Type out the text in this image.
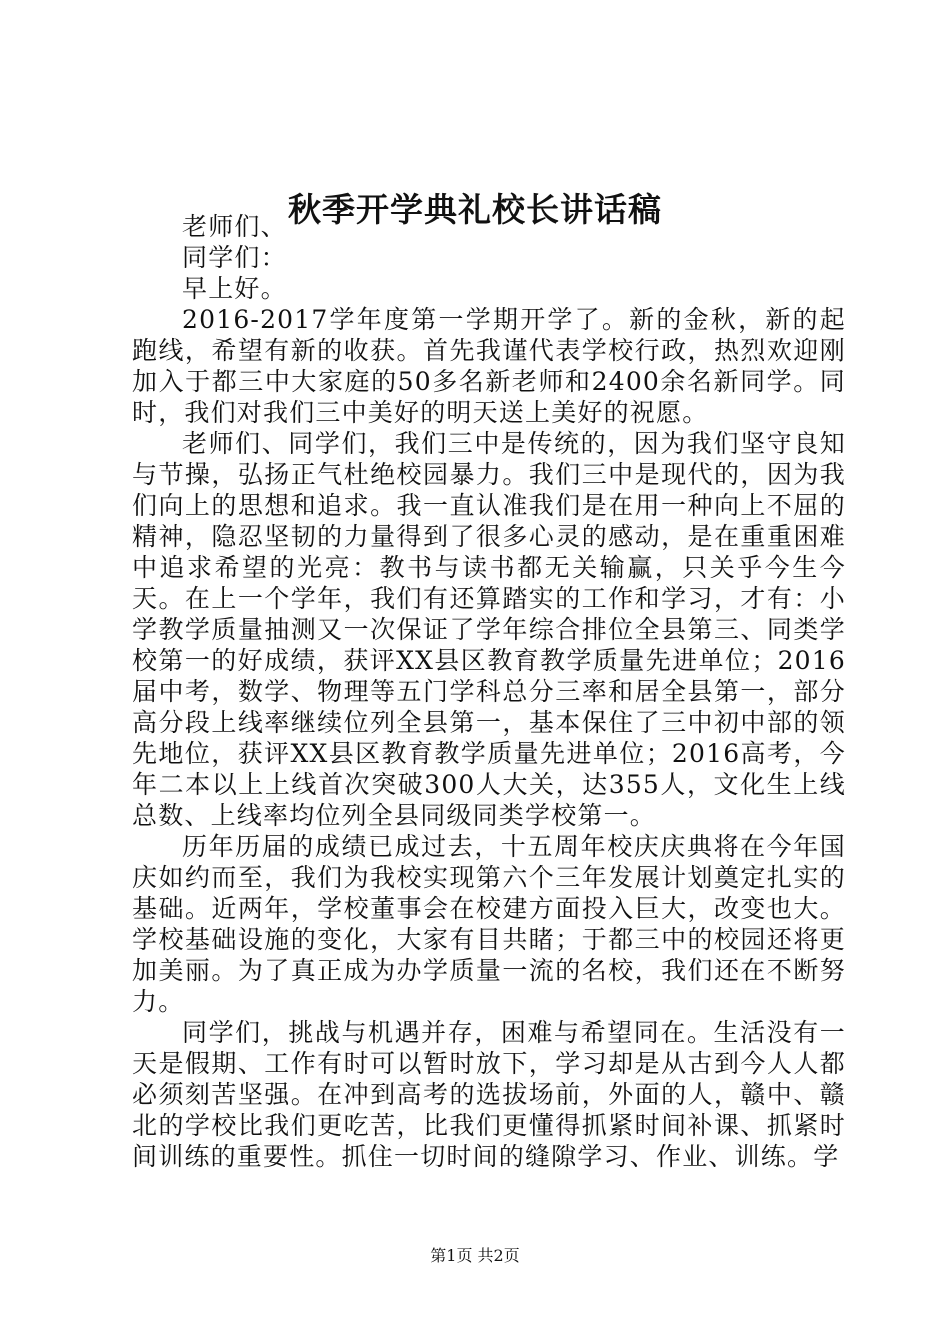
秋季开学典礼校长讲话稿

老师们、

同学们：

早上好。

2016-2017学年度第一学期开学了。新的金秋，新的起跑线，希望有新的收获。首先我谨代表学校行政，热烈欢迎刚加入于都三中大家庭的50多名新老师和2400余名新同学。同时，我们对我们三中美好的明天送上美好的祝愿。

老师们、同学们，我们三中是传统的，因为我们坚守良知与节操，弘扬正气杜绝校园暴力。我们三中是现代的，因为我们向上的思想和追求。我一直认准我们是在用一种向上不屈的精神，隐忍坚韧的力量得到了很多心灵的感动，是在重重困难中追求希望的光亮：教书与读书都无关输赢，只关乎今生今天。在上一个学年，我们有还算踏实的工作和学习，才有：小学教学质量抽测又一次保证了学年综合排位全县第三、同类学校第一的好成绩，获评XX县区教育教学质量先进单位；2016届中考，数学、物理等五门学科总分三率和居全县第一，部分高分段上线率继续位列全县第一，基本保住了三中初中部的领先地位，获评XX县区教育教学质量先进单位；2016高考，今年二本以上上线首次突破300人大关，达355人，文化生上线总数、上线率均位列全县同级同类学校第一。

历年历届的成绩已成过去，十五周年校庆庆典将在今年国庆如约而至，我们为我校实现第六个三年发展计划奠定扎实的基础。近两年，学校董事会在校建方面投入巨大，改变也大。学校基础设施的变化，大家有目共睹；于都三中的校园还将更加美丽。为了真正成为办学质量一流的名校，我们还在不断努力。

同学们，挑战与机遇并存，困难与希望同在。生活没有一天是假期、工作有时可以暂时放下，学习却是从古到今人人都必须刻苦坚强。在冲到高考的选拔场前，外面的人，赣中、赣北的学校比我们更吃苦，比我们更懂得抓紧时间补课、抓紧时间训练的重要性。抓住一切时间的缝隙学习、作业、训练。学

第1页 共2页
